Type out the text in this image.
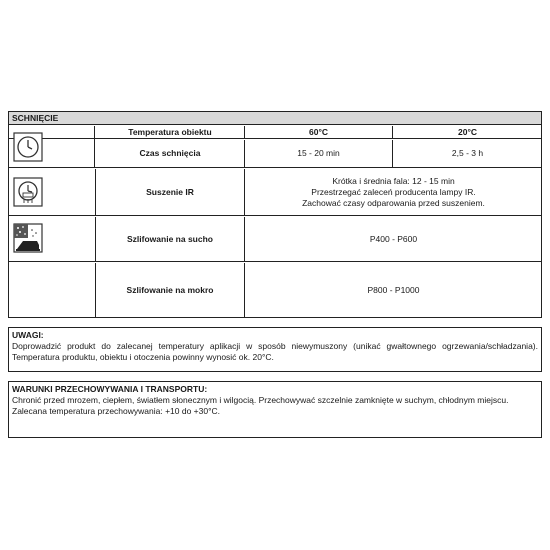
SCHNIĘCIE
Temperatura obiektu	60°C	20°C
Czas schnięcia	15 - 20 min	2,5 - 3 h
Suszenie IR
Krótka i średnia fala: 12 - 15 min
Przestrzegać zaleceń producenta lampy IR.
Zachować czasy odparowania przed suszeniem.
Szlifowanie na sucho	P400 - P600
Szlifowanie na mokro	P800 - P1000
UWAGI:
Doprowadzić produkt do zalecanej temperatury aplikacji w sposób niewymuszony (unikać gwałtownego ogrzewania/schładzania). Temperatura produktu, obiektu i otoczenia powinny wynosić ok. 20°C.
WARUNKI PRZECHOWYWANIA I TRANSPORTU:
Chronić przed mrozem, ciepłem, światłem słonecznym i wilgocią. Przechowywać szczelnie zamknięte w suchym, chłodnym miejscu.
Zalecana temperatura przechowywania: +10 do +30°C.
